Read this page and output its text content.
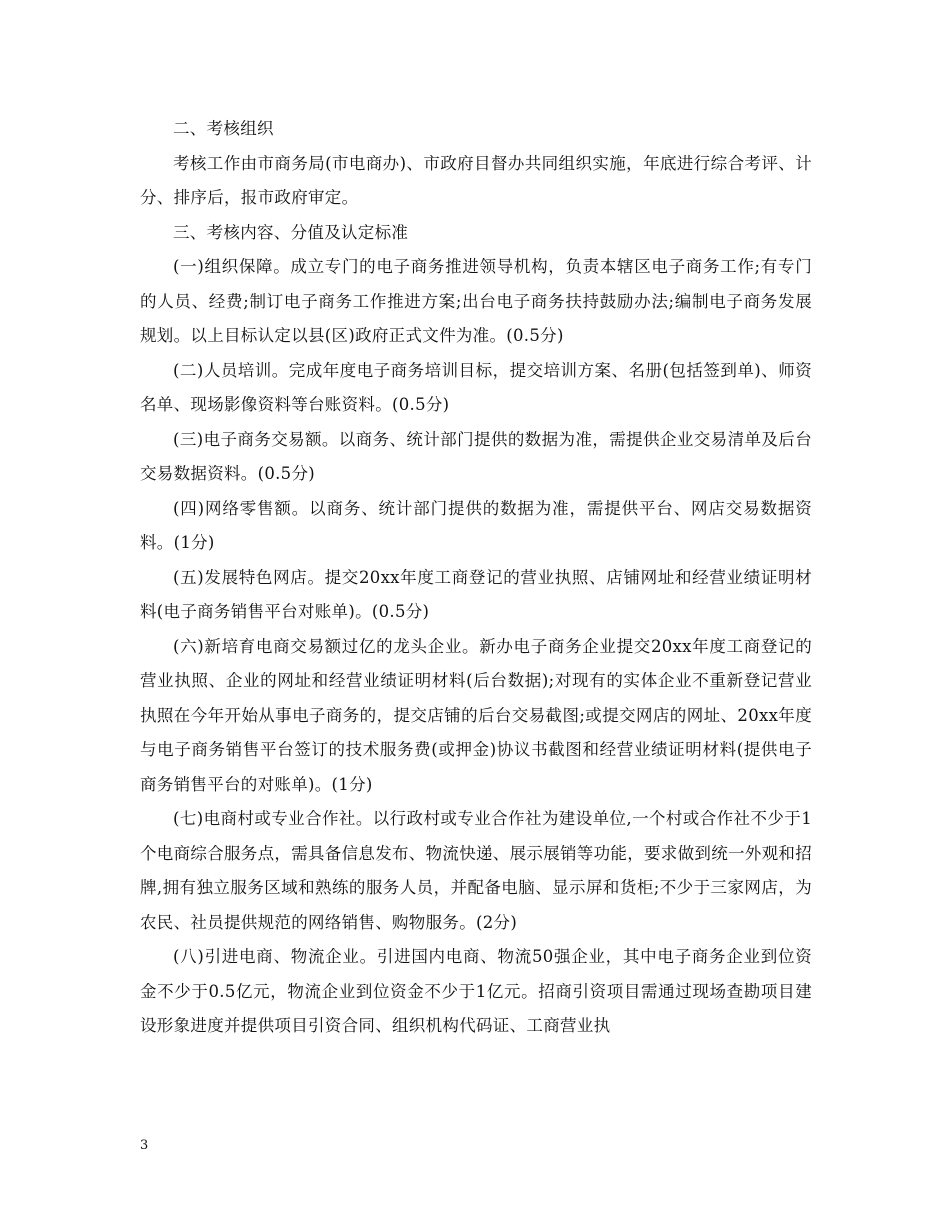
二、考核组织

考核工作由市商务局(市电商办)、市政府目督办共同组织实施，年底进行综合考评、计分、排序后，报市政府审定。

三、考核内容、分值及认定标准

(一)组织保障。成立专门的电子商务推进领导机构，负责本辖区电子商务工作;有专门的人员、经费;制订电子商务工作推进方案;出台电子商务扶持鼓励办法;编制电子商务发展规划。以上目标认定以县(区)政府正式文件为准。(0.5分)

(二)人员培训。完成年度电子商务培训目标，提交培训方案、名册(包括签到单)、师资名单、现场影像资料等台账资料。(0.5分)

(三)电子商务交易额。以商务、统计部门提供的数据为准，需提供企业交易清单及后台交易数据资料。(0.5分)

(四)网络零售额。以商务、统计部门提供的数据为准，需提供平台、网店交易数据资料。(1分)

(五)发展特色网店。提交20xx年度工商登记的营业执照、店铺网址和经营业绩证明材料(电子商务销售平台对账单)。(0.5分)

(六)新培育电商交易额过亿的龙头企业。新办电子商务企业提交20xx年度工商登记的营业执照、企业的网址和经营业绩证明材料(后台数据);对现有的实体企业不重新登记营业执照在今年开始从事电子商务的，提交店铺的后台交易截图;或提交网店的网址、20xx年度与电子商务销售平台签订的技术服务费(或押金)协议书截图和经营业绩证明材料(提供电子商务销售平台的对账单)。(1分)

(七)电商村或专业合作社。以行政村或专业合作社为建设单位,一个村或合作社不少于1个电商综合服务点，需具备信息发布、物流快递、展示展销等功能，要求做到统一外观和招牌,拥有独立服务区域和熟练的服务人员，并配备电脑、显示屏和货柜;不少于三家网店，为农民、社员提供规范的网络销售、购物服务。(2分)

(八)引进电商、物流企业。引进国内电商、物流50强企业，其中电子商务企业到位资金不少于0.5亿元，物流企业到位资金不少于1亿元。招商引资项目需通过现场查勘项目建设形象进度并提供项目引资合同、组织机构代码证、工商营业执

3
